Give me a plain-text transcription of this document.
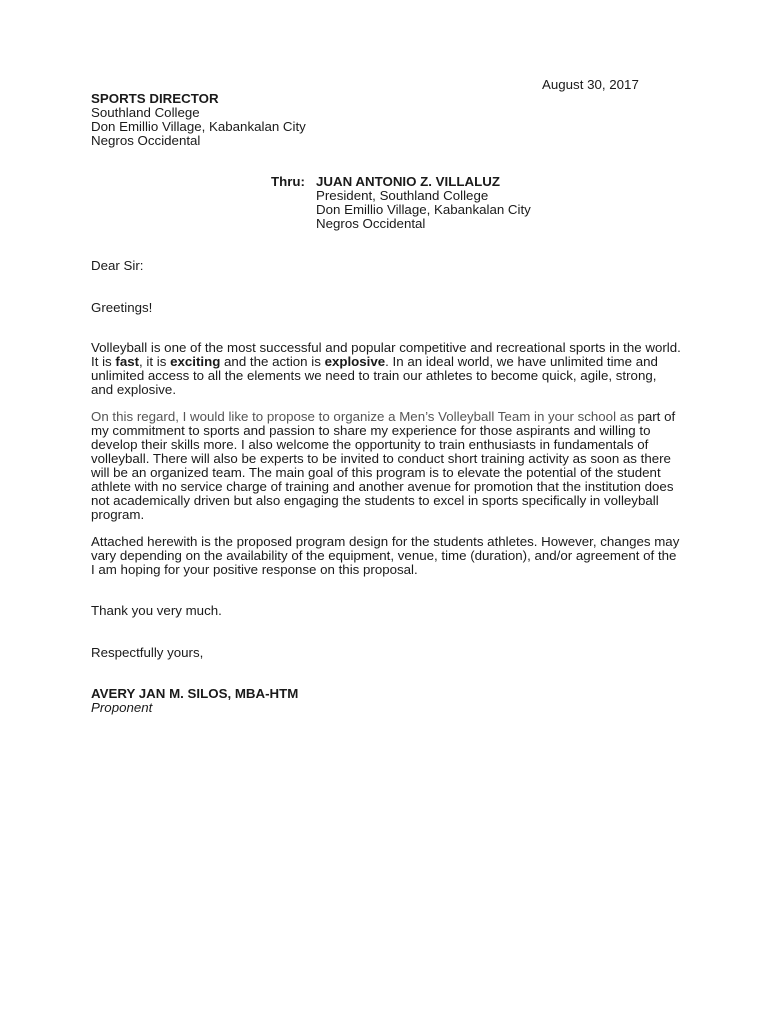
August 30, 2017
SPORTS DIRECTOR
Southland College
Don Emillio Village, Kabankalan City
Negros Occidental
Thru: JUAN ANTONIO Z. VILLALUZ
President, Southland College
Don Emillio Village, Kabankalan City
Negros Occidental
Dear Sir:
Greetings!

Volleyball is one of the most successful and popular competitive and recreational sports in the world. It is fast, it is exciting and the action is explosive. In an ideal world, we have unlimited time and unlimited access to all the elements we need to train our athletes to become quick, agile, strong, and explosive.

On this regard, I would like to propose to organize a Men’s Volleyball Team in your school as part of my commitment to sports and passion to share my experience for those aspirants and willing to develop their skills more. I also welcome the opportunity to train enthusiasts in fundamentals of volleyball. There will also be experts to be invited to conduct short training activity as soon as there will be an organized team. The main goal of this program is to elevate the potential of the student athlete with no service charge of training and another avenue for promotion that the institution does not academically driven but also engaging the students to excel in sports specifically in volleyball program.

Attached herewith is the proposed program design for the students athletes. However, changes may vary depending on the availability of the equipment, venue, time (duration), and/or agreement of the
I am hoping for your positive response on this proposal.
Thank you very much.
Respectfully yours,
AVERY JAN M. SILOS, MBA-HTM
Proponent
